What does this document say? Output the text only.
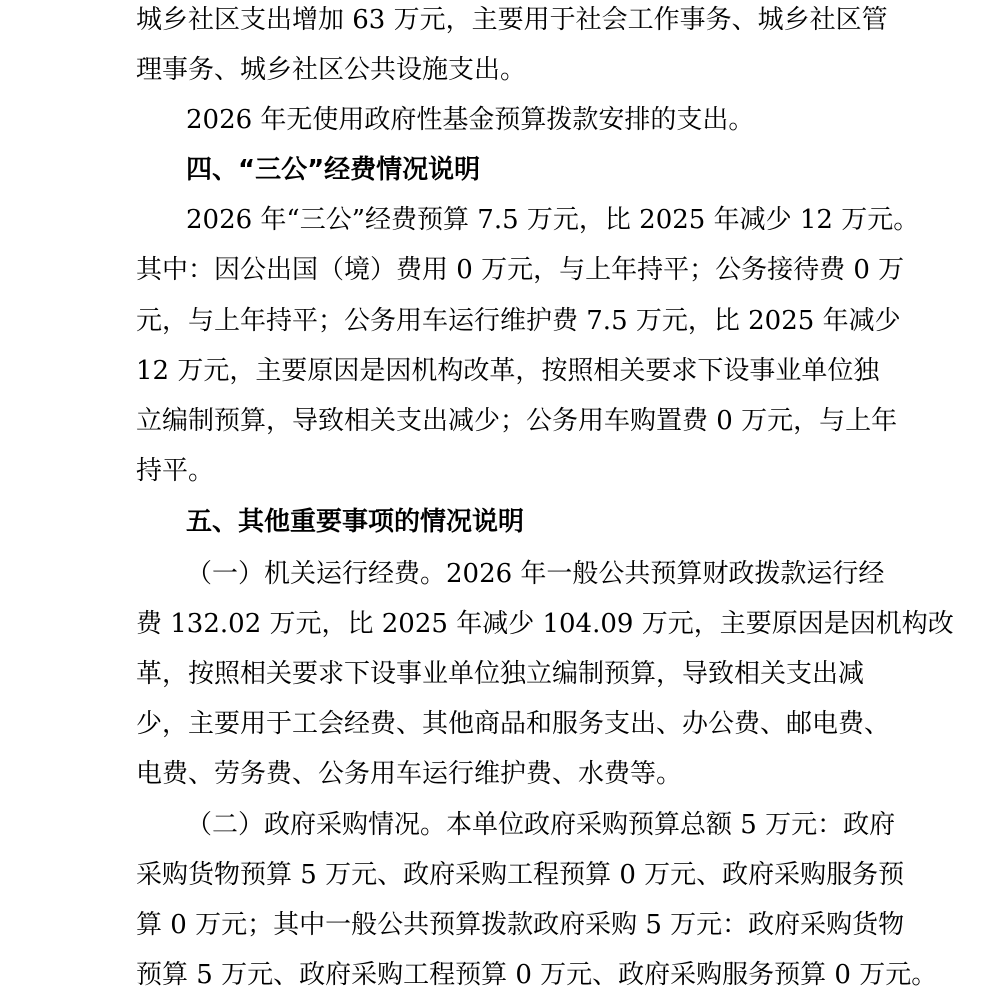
城乡社区支出增加 63 万元，主要用于社会工作事务、城乡社区管
理事务、城乡社区公共设施支出。
2026 年无使用政府性基金预算拨款安排的支出。
四、“三公”经费情况说明
2026 年“三公”经费预算 7.5 万元，比 2025 年减少 12 万元。
其中：因公出国（境）费用 0 万元，与上年持平；公务接待费 0 万
元，与上年持平；公务用车运行维护费 7.5 万元，比 2025 年减少
12 万元，主要原因是因机构改革，按照相关要求下设事业单位独
立编制预算，导致相关支出减少；公务用车购置费 0 万元，与上年
持平。
五、其他重要事项的情况说明
（一）机关运行经费。2026 年一般公共预算财政拨款运行经
费 132.02 万元，比 2025 年减少 104.09 万元，主要原因是因机构改
革，按照相关要求下设事业单位独立编制预算，导致相关支出减
少，主要用于工会经费、其他商品和服务支出、办公费、邮电费、
电费、劳务费、公务用车运行维护费、水费等。
（二）政府采购情况。本单位政府采购预算总额 5 万元：政府
采购货物预算 5 万元、政府采购工程预算 0 万元、政府采购服务预
算 0 万元；其中一般公共预算拨款政府采购 5 万元：政府采购货物
预算 5 万元、政府采购工程预算 0 万元、政府采购服务预算 0 万元。
